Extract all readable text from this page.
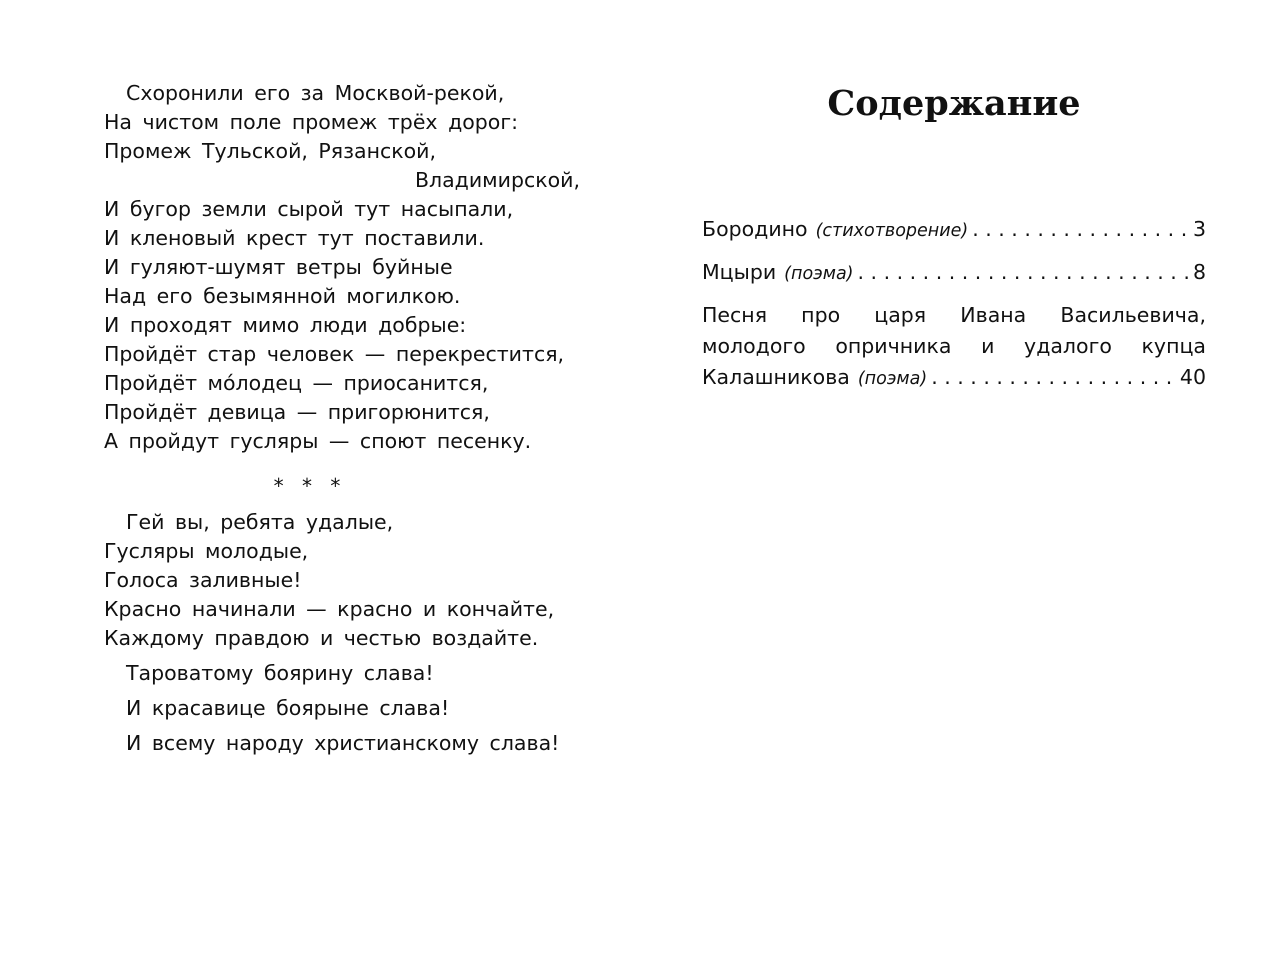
Схоронили его за Москвой-рекой,
На чистом поле промеж трёх дорог:
Промеж Тульской, Рязанской,
Владимирской,
И бугор земли сырой тут насыпали,
И кленовый крест тут поставили.
И гуляют-шумят ветры буйные
Над его безымянной могилкою.
И проходят мимо люди добрые:
Пройдёт стар человек — перекрестится,
Пройдёт мо́лодец — приосанится,
Пройдёт девица — пригорюнится,
А пройдут гусляры — споют песенку.
* * *
Гей вы, ребята удалые,
Гусляры молодые,
Голоса заливные!
Красно начинали — красно и кончайте,
Каждому правдою и честью воздайте.
Тароватому боярину слава!
И красавице боярыне слава!
И всему народу христианскому слава!
Содержание
Бородино (стихотворение) . . .	3
Мцыри (поэма) . . .	8
Песня про царя Ивана Васильевича,
молодого опричника и удалого купца
Калашникова (поэма) . . .	40
